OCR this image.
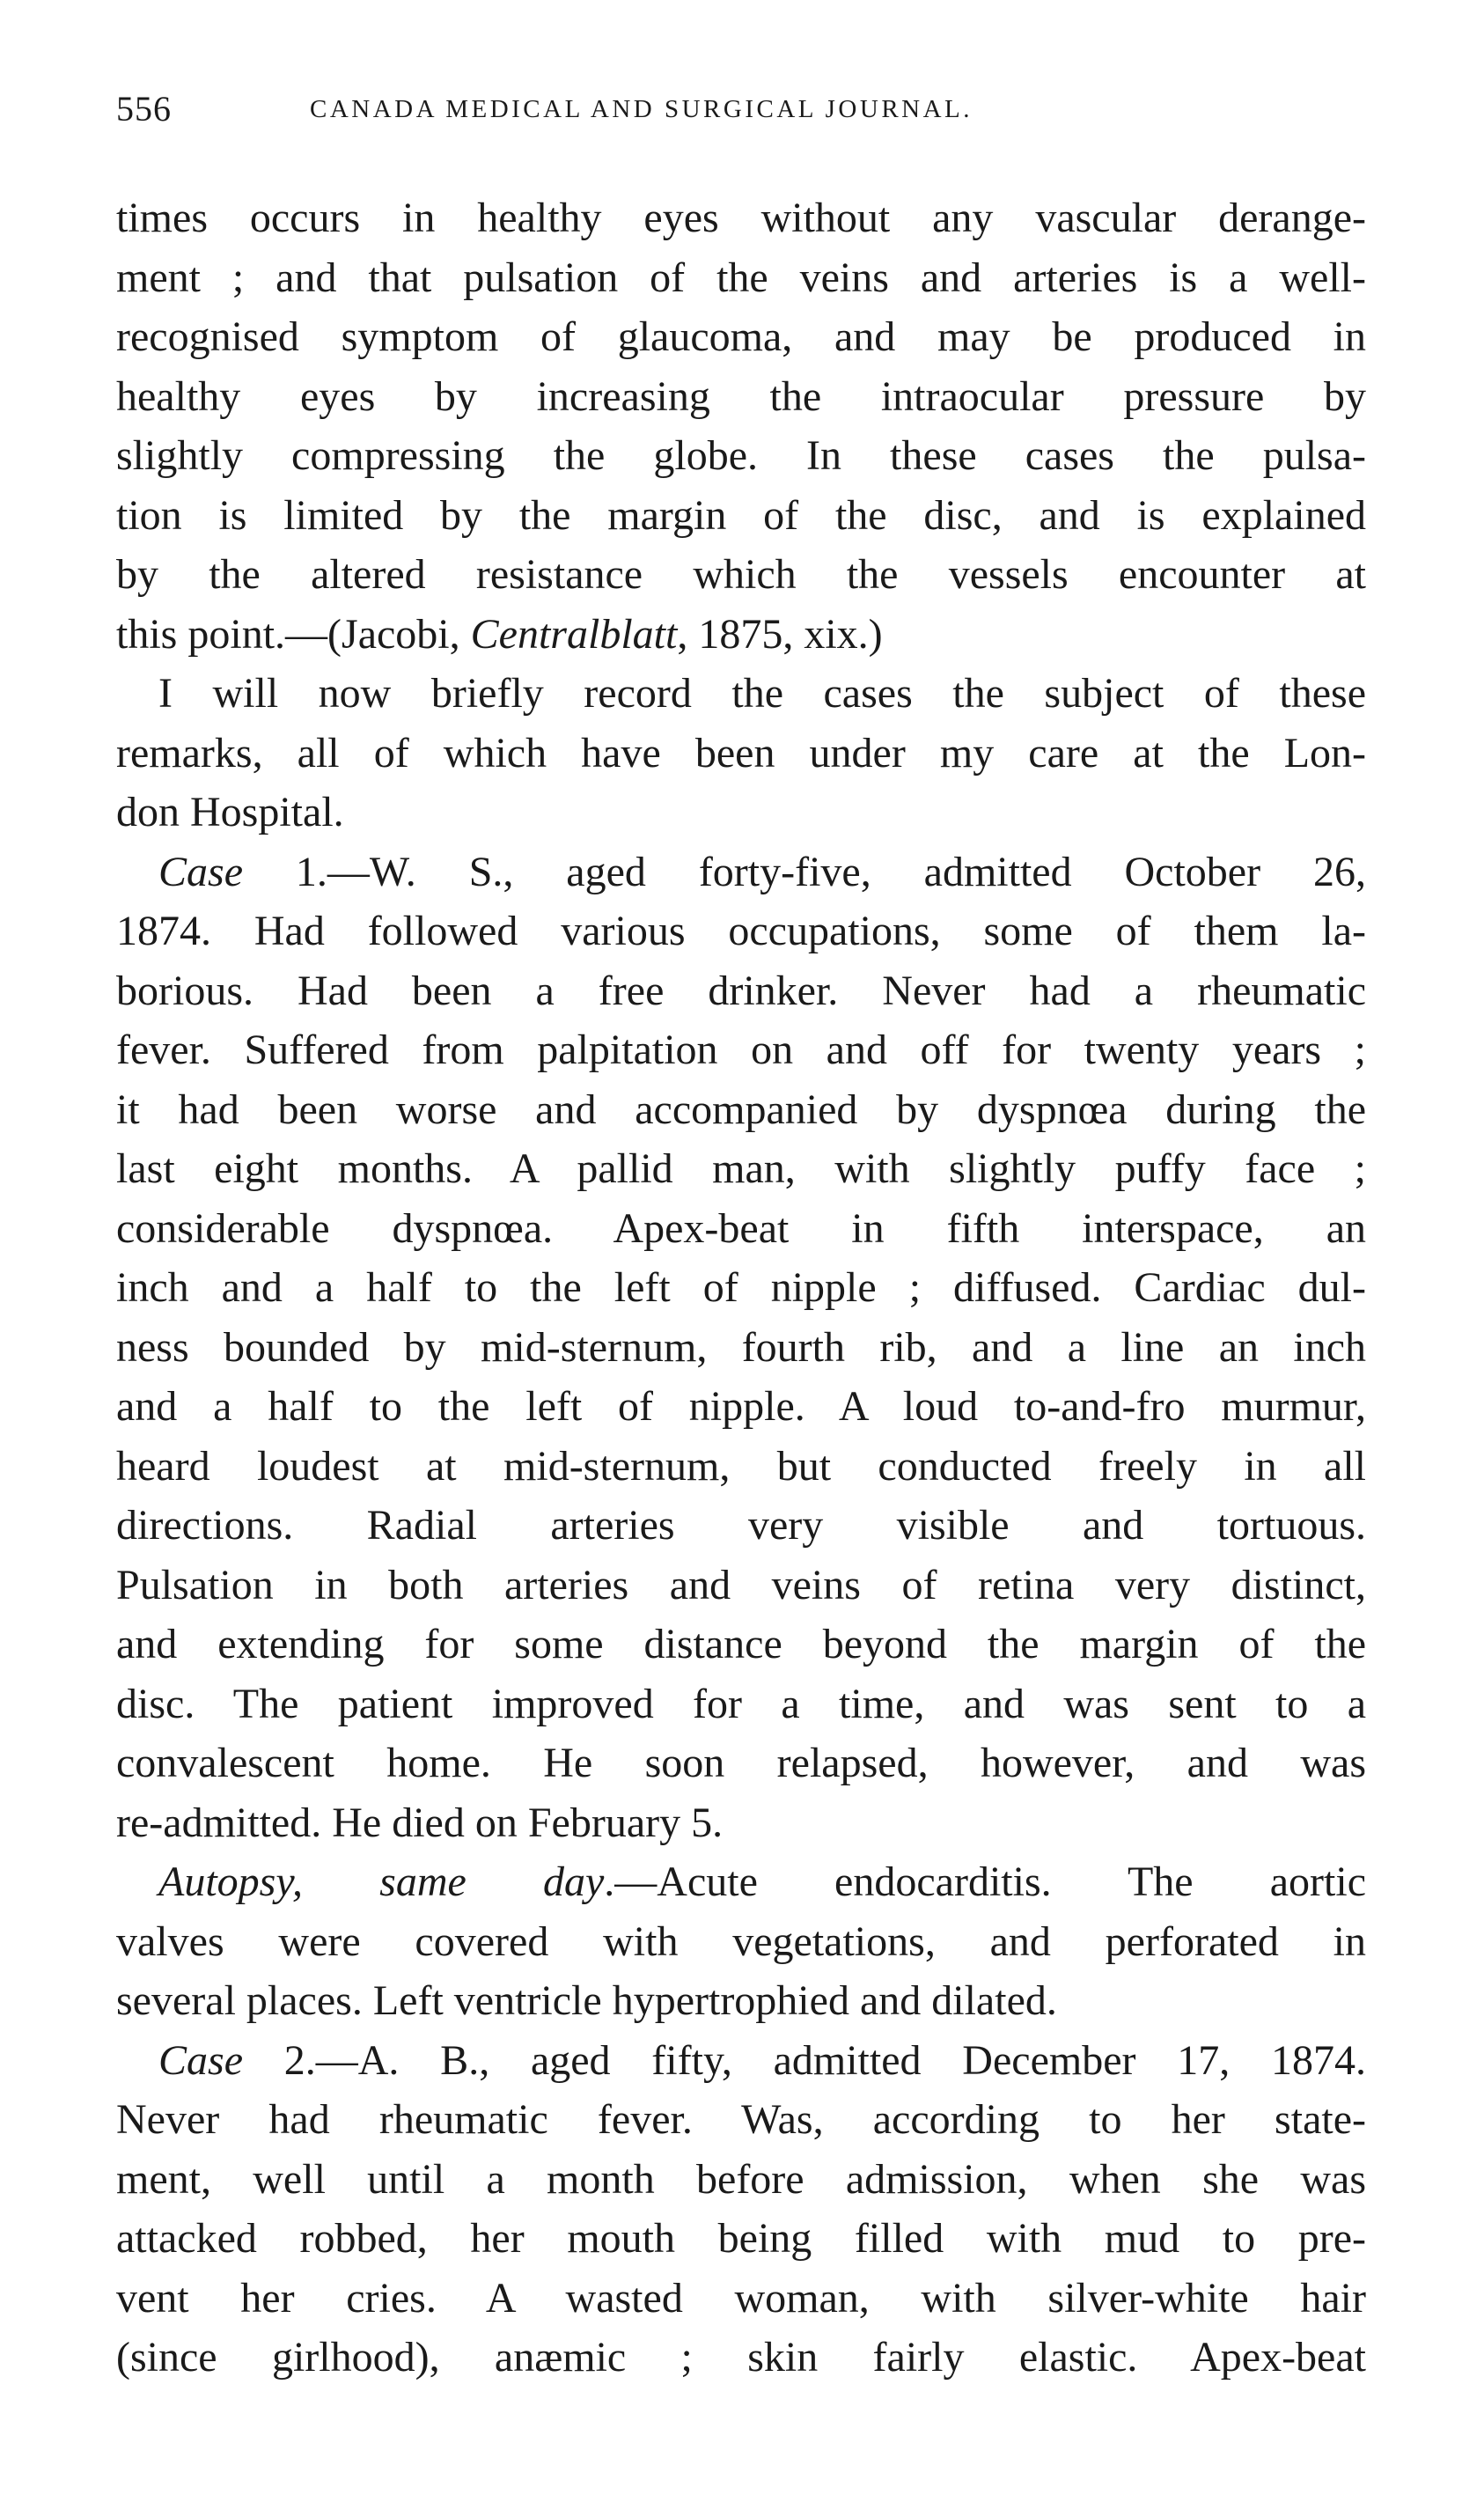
556	CANADA MEDICAL AND SURGICAL JOURNAL.
times occurs in healthy eyes without any vascular derange-
ment ; and that pulsation of the veins and arteries is a well-
recognised symptom of glaucoma, and may be produced in
healthy eyes by increasing the intraocular pressure by
slightly compressing the globe. In these cases the pulsa-
tion is limited by the margin of the disc, and is explained
by the altered resistance which the vessels encounter at
this point.—(Jacobi, Centralblatt, 1875, xix.)
I will now briefly record the cases the subject of these
remarks, all of which have been under my care at the Lon-
don Hospital.
Case 1.—W. S., aged forty-five, admitted October 26,
1874. Had followed various occupations, some of them la-
borious. Had been a free drinker. Never had a rheumatic
fever. Suffered from palpitation on and off for twenty years ;
it had been worse and accompanied by dyspnœa during the
last eight months. A pallid man, with slightly puffy face ;
considerable dyspnœa. Apex-beat in fifth interspace, an
inch and a half to the left of nipple ; diffused. Cardiac dul-
ness bounded by mid-sternum, fourth rib, and a line an inch
and a half to the left of nipple. A loud to-and-fro murmur,
heard loudest at mid-sternum, but conducted freely in all
directions. Radial arteries very visible and tortuous.
Pulsation in both arteries and veins of retina very distinct,
and extending for some distance beyond the margin of the
disc. The patient improved for a time, and was sent to a
convalescent home. He soon relapsed, however, and was
re-admitted. He died on February 5.
Autopsy, same day.—Acute endocarditis. The aortic
valves were covered with vegetations, and perforated in
several places. Left ventricle hypertrophied and dilated.
Case 2.—A. B., aged fifty, admitted December 17, 1874.
Never had rheumatic fever. Was, according to her state-
ment, well until a month before admission, when she was
attacked robbed, her mouth being filled with mud to pre-
vent her cries. A wasted woman, with silver-white hair
(since girlhood), anæmic ; skin fairly elastic. Apex-beat
